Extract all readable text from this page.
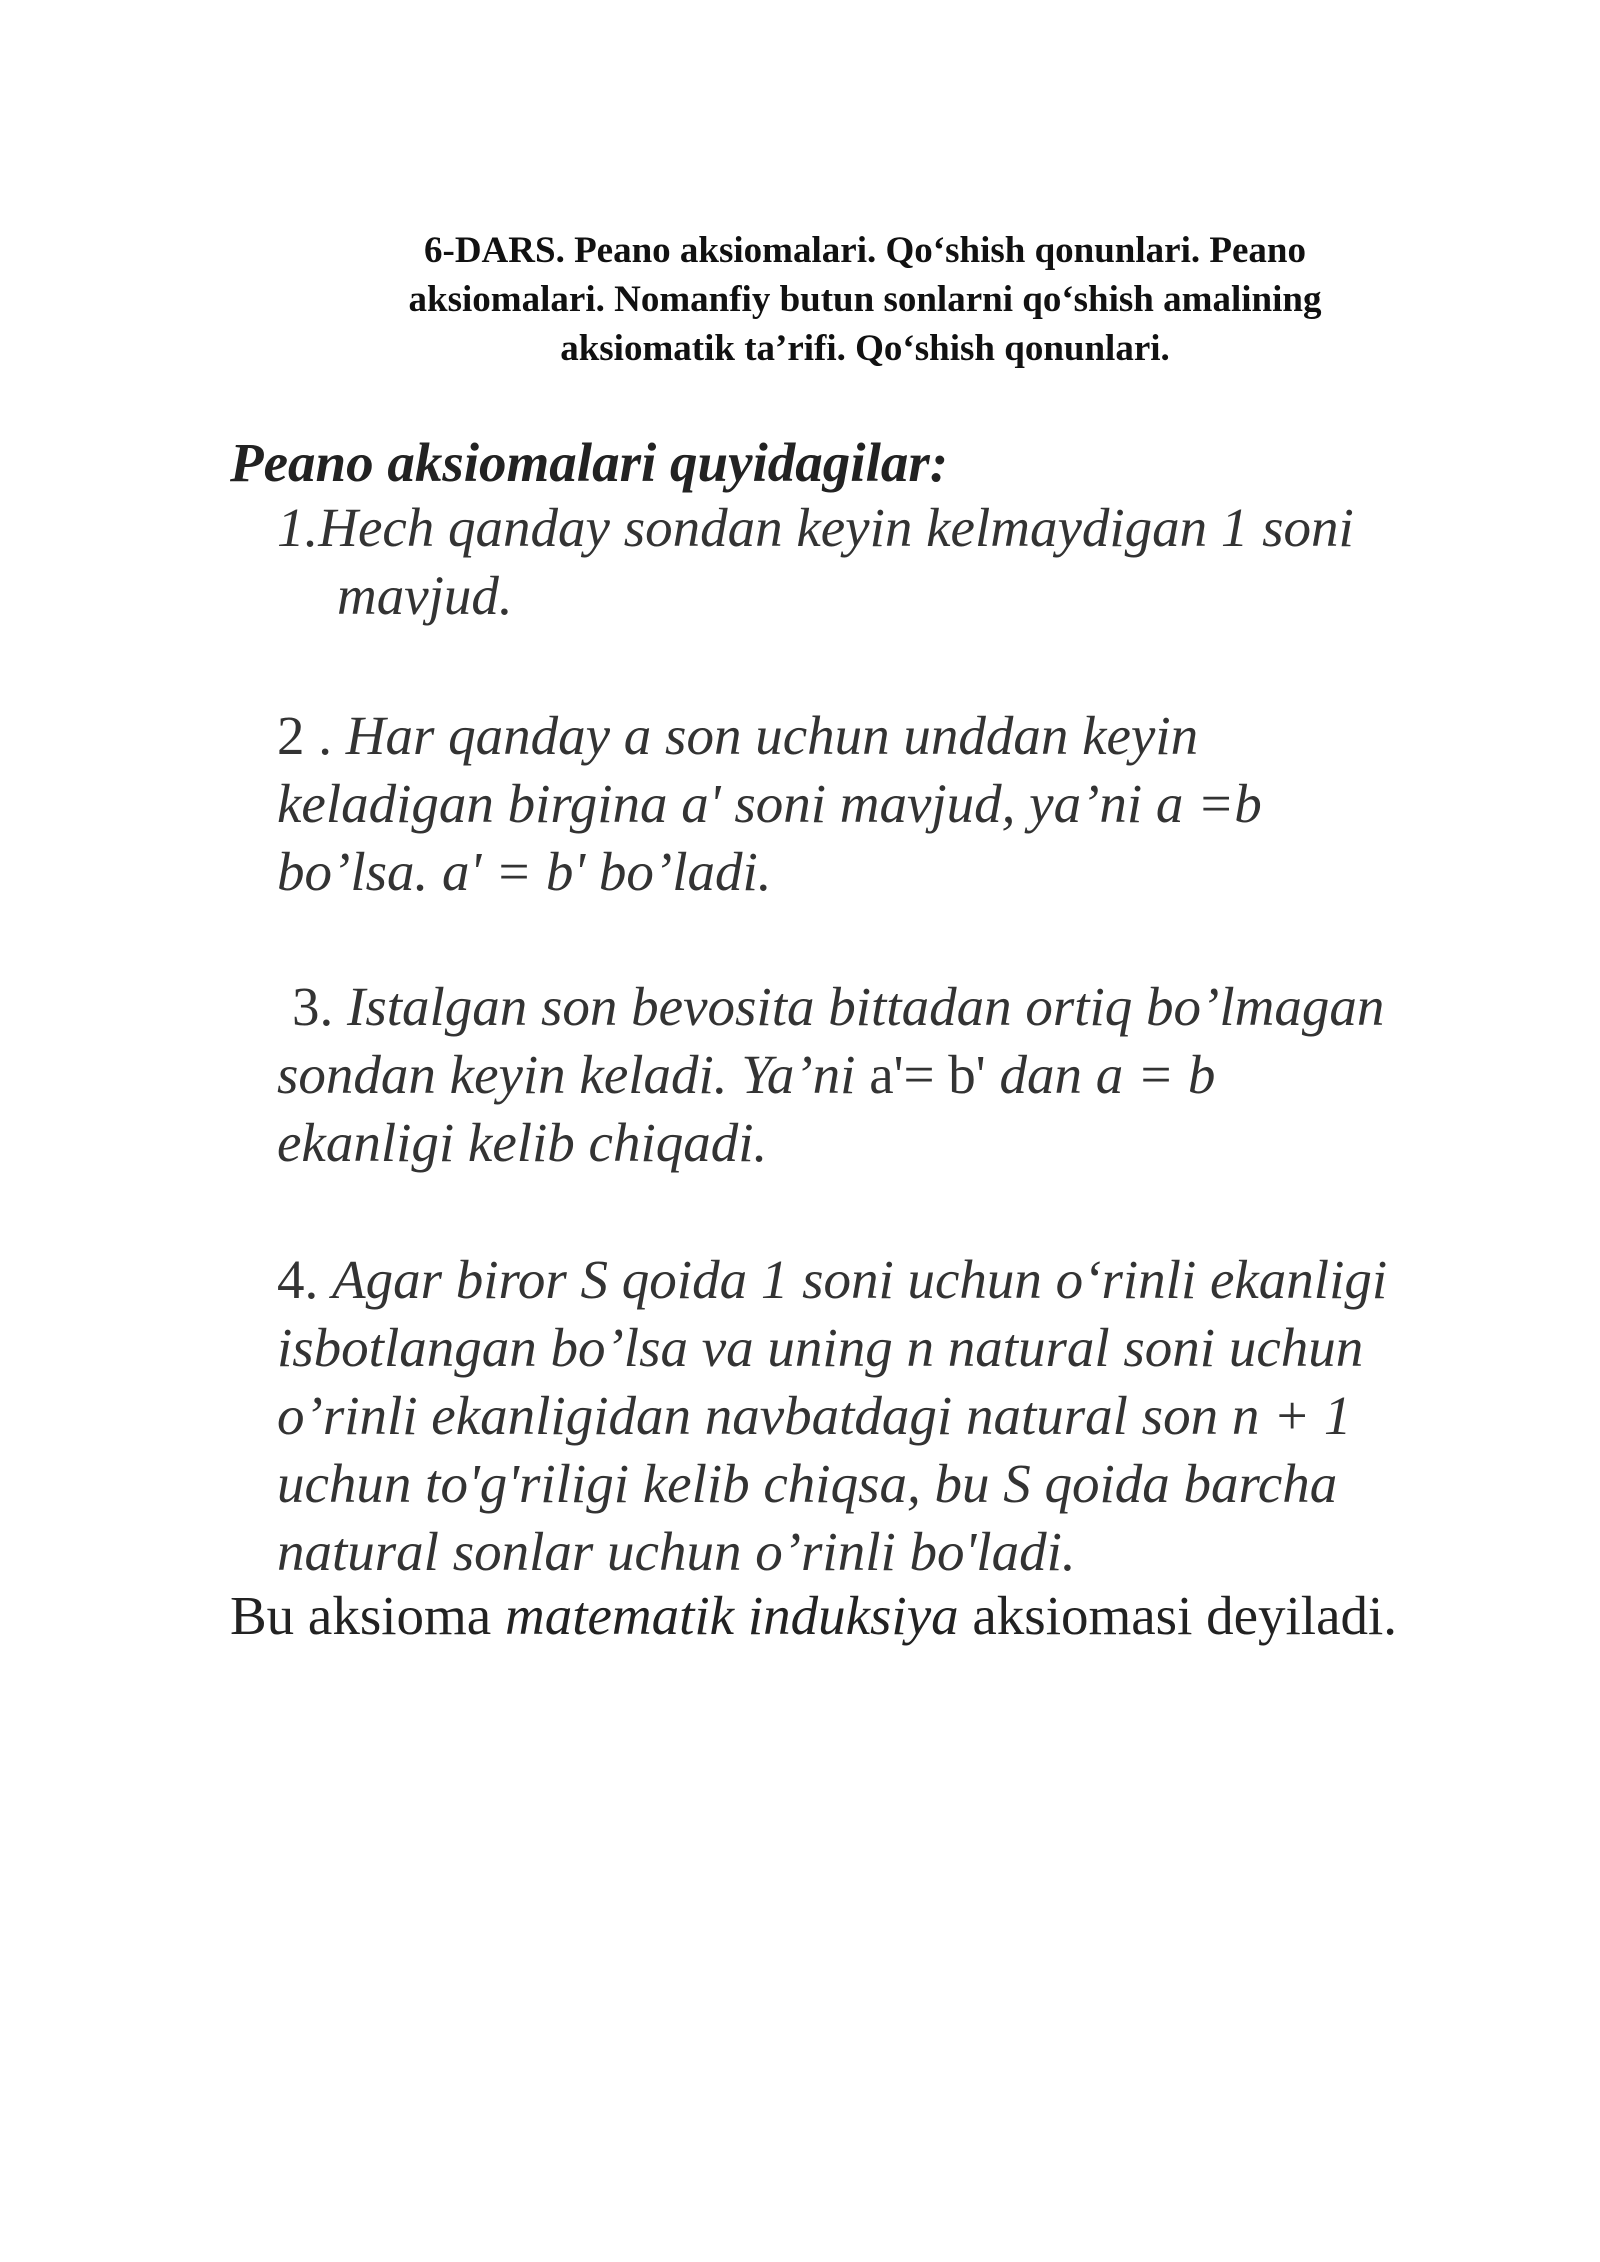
6-DARS. Peano aksiomalari. Qo‘shish qonunlari. Peano
aksiomalari. Nomanfiy butun sonlarni qo‘shish amalining
aksiomatik ta’rifi. Qo‘shish qonunlari.

Peano aksiomalari quyidagilar:

1.Hech qanday sondan keyin kelmaydigan 1 soni
mavjud.

2 . Har qanday a son uchun unddan keyin
keladigan birgina a' soni mavjud, ya’ni a =b
bo’lsa. a' = b' bo’ladi.

3. Istalgan son bevosita bittadan ortiq bo’lmagan
sondan keyin keladi. Ya’ni a'= b' dan a = b
ekanligi kelib chiqadi.

4. Agar biror S qoida 1 soni uchun o‘rinli ekanligi
isbotlangan bo’lsa va uning n natural soni uchun
o’rinli ekanligidan navbatdagi natural son n + 1
uchun to'g'riligi kelib chiqsa, bu S qoida barcha
natural sonlar uchun o’rinli bo'ladi.

Bu aksioma matematik induksiya aksiomasi deyiladi.
